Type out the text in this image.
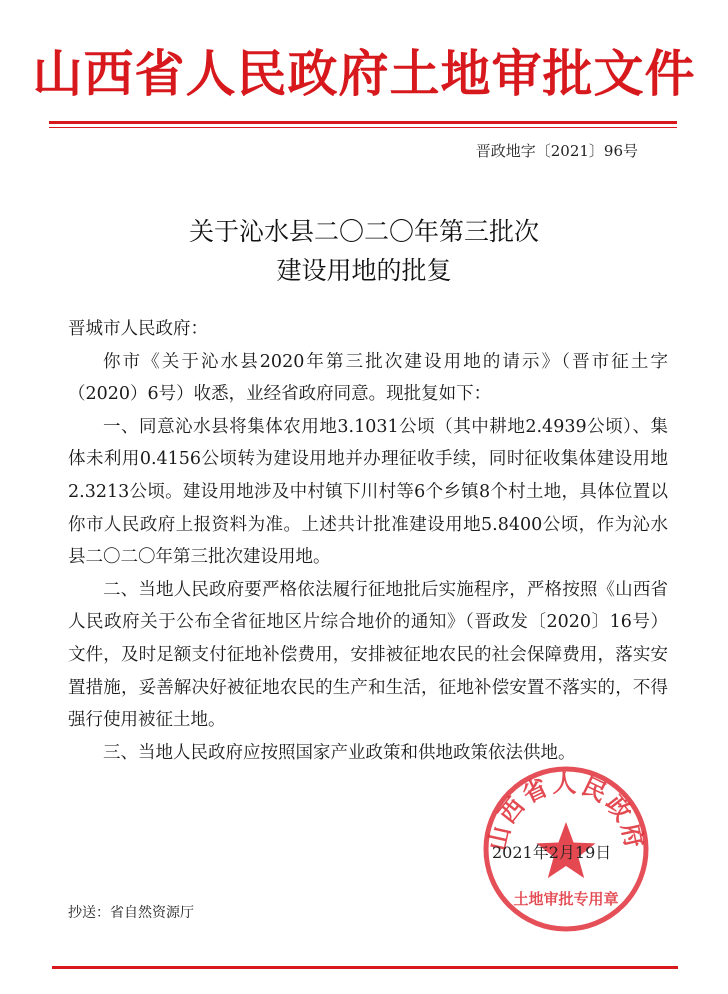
山西省人民政府土地审批文件
晋政地字〔2021〕96号
关于沁水县二〇二〇年第三批次
建设用地的批复

晋城市人民政府：

你市《关于沁水县2020年第三批次建设用地的请示》（晋市征土字（2020）6号）收悉，业经省政府同意。现批复如下：

一、同意沁水县将集体农用地3.1031公顷（其中耕地2.4939公顷）、集体未利用0.4156公顷转为建设用地并办理征收手续，同时征收集体建设用地2.3213公顷。建设用地涉及中村镇下川村等6个乡镇8个村土地，具体位置以你市人民政府上报资料为准。上述共计批准建设用地5.8400公顷，作为沁水县二〇二〇年第三批次建设用地。

二、当地人民政府要严格依法履行征地批后实施程序，严格按照《山西省人民政府关于公布全省征地区片综合地价的通知》（晋政发〔2020〕16号）文件，及时足额支付征地补偿费用，安排被征地农民的社会保障费用，落实安置措施，妥善解决好被征地农民的生产和生活，征地补偿安置不落实的，不得强行使用被征土地。

三、当地人民政府应按照国家产业政策和供地政策依法供地。

山西省人民政府
土地审批专用章
2021年2月19日
抄送：省自然资源厅
